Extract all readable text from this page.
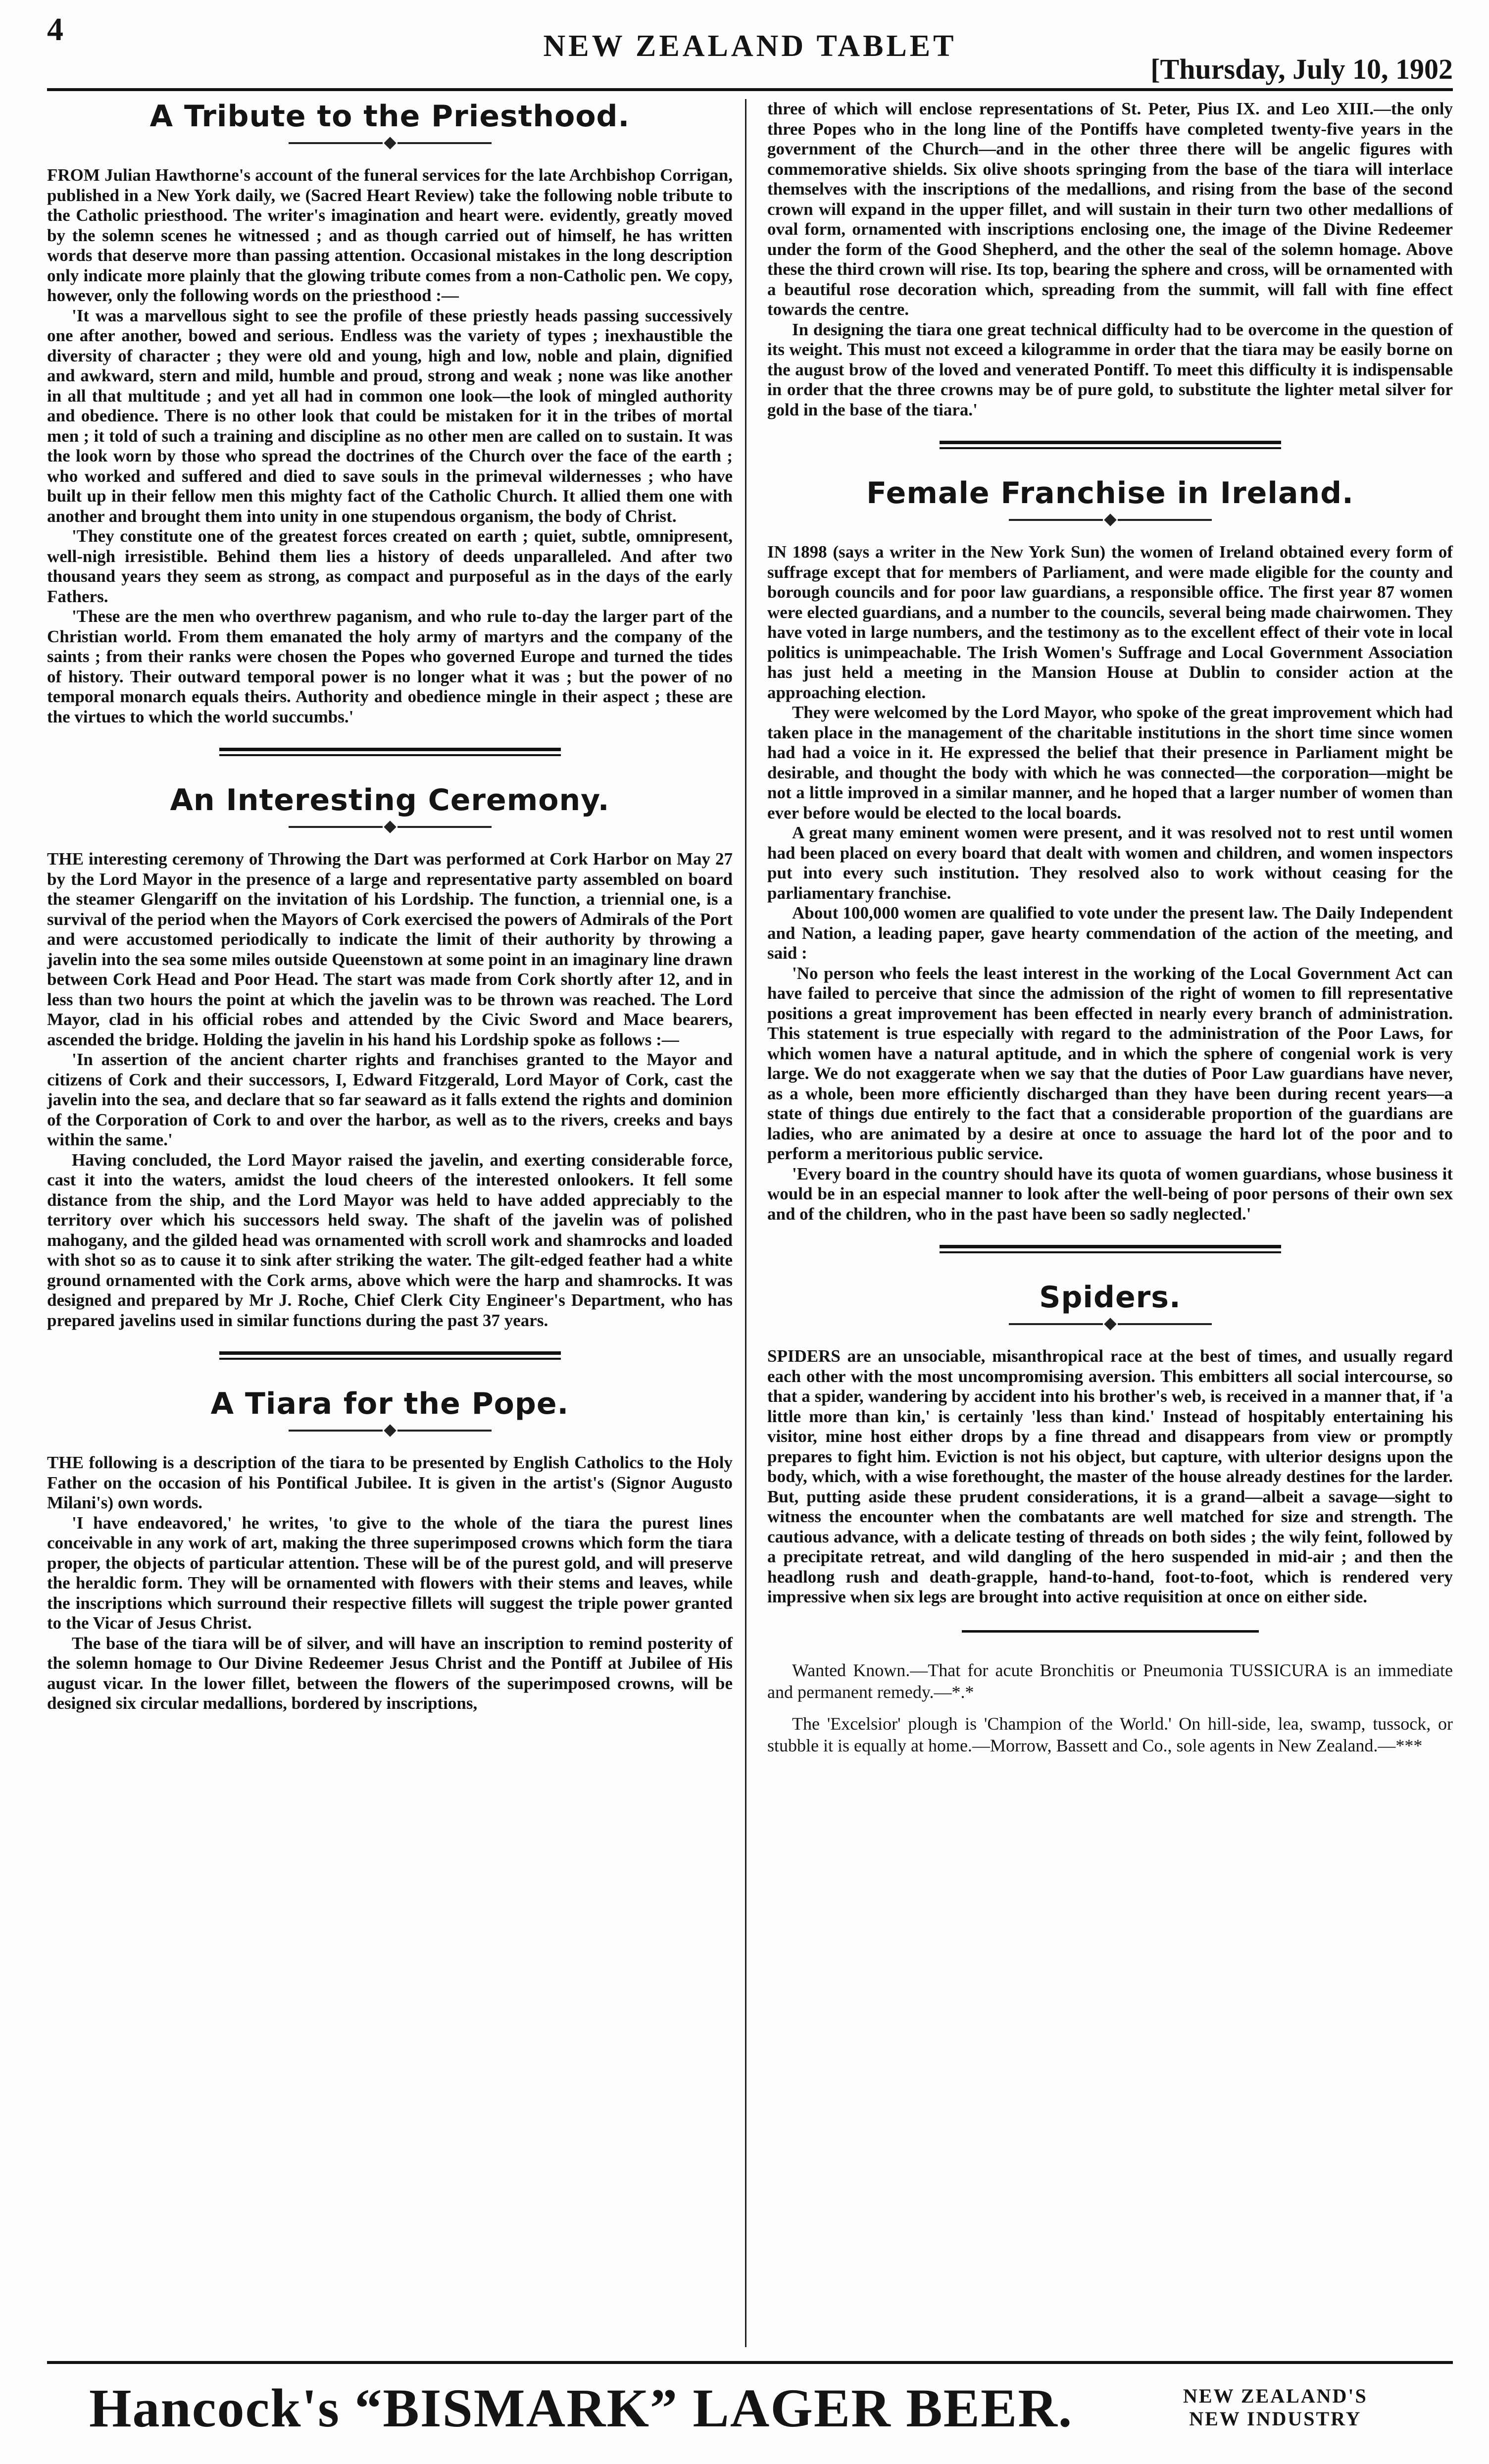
4	NEW ZEALAND TABLET
[Thursday, July 10, 1902
A Tribute to the Priesthood.

FROM Julian Hawthorne's account of the funeral services for the late Archbishop Corrigan, published in a New York daily, we (Sacred Heart Review) take the following noble tribute to the Catholic priesthood. The writer's imagination and heart were. evidently, greatly moved by the solemn scenes he witnessed ; and as though carried out of himself, he has written words that deserve more than passing attention. Occasional mistakes in the long description only indicate more plainly that the glowing tribute comes from a non-Catholic pen. We copy, however, only the following words on the priesthood :—

'It was a marvellous sight to see the profile of these priestly heads passing successively one after another, bowed and serious. Endless was the variety of types ; inexhaustible the diversity of character ; they were old and young, high and low, noble and plain, dignified and awkward, stern and mild, humble and proud, strong and weak ; none was like another in all that multitude ; and yet all had in common one look—the look of mingled authority and obedience. There is no other look that could be mistaken for it in the tribes of mortal men ; it told of such a training and discipline as no other men are called on to sustain. It was the look worn by those who spread the doctrines of the Church over the face of the earth ; who worked and suffered and died to save souls in the primeval wildernesses ; who have built up in their fellow men this mighty fact of the Catholic Church. It allied them one with another and brought them into unity in one stupendous organism, the body of Christ.

'They constitute one of the greatest forces created on earth ; quiet, subtle, omnipresent, well-nigh irresistible. Behind them lies a history of deeds unparalleled. And after two thousand years they seem as strong, as compact and purposeful as in the days of the early Fathers.

'These are the men who overthrew paganism, and who rule to-day the larger part of the Christian world. From them emanated the holy army of martyrs and the company of the saints ; from their ranks were chosen the Popes who governed Europe and turned the tides of history. Their outward temporal power is no longer what it was ; but the power of no temporal monarch equals theirs. Authority and obedience mingle in their aspect ; these are the virtues to which the world succumbs.'

An Interesting Ceremony.

THE interesting ceremony of Throwing the Dart was performed at Cork Harbor on May 27 by the Lord Mayor in the presence of a large and representative party assembled on board the steamer Glengariff on the invitation of his Lordship. The function, a triennial one, is a survival of the period when the Mayors of Cork exercised the powers of Admirals of the Port and were accustomed periodically to indicate the limit of their authority by throwing a javelin into the sea some miles outside Queenstown at some point in an imaginary line drawn between Cork Head and Poor Head. The start was made from Cork shortly after 12, and in less than two hours the point at which the javelin was to be thrown was reached. The Lord Mayor, clad in his official robes and attended by the Civic Sword and Mace bearers, ascended the bridge. Holding the javelin in his hand his Lordship spoke as follows :—

'In assertion of the ancient charter rights and franchises granted to the Mayor and citizens of Cork and their successors, I, Edward Fitzgerald, Lord Mayor of Cork, cast the javelin into the sea, and declare that so far seaward as it falls extend the rights and dominion of the Corporation of Cork to and over the harbor, as well as to the rivers, creeks and bays within the same.'

Having concluded, the Lord Mayor raised the javelin, and exerting considerable force, cast it into the waters, amidst the loud cheers of the interested onlookers. It fell some distance from the ship, and the Lord Mayor was held to have added appreciably to the territory over which his successors held sway. The shaft of the javelin was of polished mahogany, and the gilded head was ornamented with scroll work and shamrocks and loaded with shot so as to cause it to sink after striking the water. The gilt-edged feather had a white ground ornamented with the Cork arms, above which were the harp and shamrocks. It was designed and prepared by Mr J. Roche, Chief Clerk City Engineer's Department, who has prepared javelins used in similar functions during the past 37 years.

A Tiara for the Pope.

THE following is a description of the tiara to be presented by English Catholics to the Holy Father on the occasion of his Pontifical Jubilee. It is given in the artist's (Signor Augusto Milani's) own words.

'I have endeavored,' he writes, 'to give to the whole of the tiara the purest lines conceivable in any work of art, making the three superimposed crowns which form the tiara proper, the objects of particular attention. These will be of the purest gold, and will preserve the heraldic form. They will be ornamented with flowers with their stems and leaves, while the inscriptions which surround their respective fillets will suggest the triple power granted to the Vicar of Jesus Christ.

The base of the tiara will be of silver, and will have an inscription to remind posterity of the solemn homage to Our Divine Redeemer Jesus Christ and the Pontiff at Jubilee of His august vicar. In the lower fillet, between the flowers of the superimposed crowns, will be designed six circular medallions, bordered by inscriptions,

three of which will enclose representations of St. Peter, Pius IX. and Leo XIII.—the only three Popes who in the long line of the Pontiffs have completed twenty-five years in the government of the Church—and in the other three there will be angelic figures with commemorative shields. Six olive shoots springing from the base of the tiara will interlace themselves with the inscriptions of the medallions, and rising from the base of the second crown will expand in the upper fillet, and will sustain in their turn two other medallions of oval form, ornamented with inscriptions enclosing one, the image of the Divine Redeemer under the form of the Good Shepherd, and the other the seal of the solemn homage. Above these the third crown will rise. Its top, bearing the sphere and cross, will be ornamented with a beautiful rose decoration which, spreading from the summit, will fall with fine effect towards the centre.

In designing the tiara one great technical difficulty had to be overcome in the question of its weight. This must not exceed a kilogramme in order that the tiara may be easily borne on the august brow of the loved and venerated Pontiff. To meet this difficulty it is indispensable in order that the three crowns may be of pure gold, to substitute the lighter metal silver for gold in the base of the tiara.'

Female Franchise in Ireland.

IN 1898 (says a writer in the New York Sun) the women of Ireland obtained every form of suffrage except that for members of Parliament, and were made eligible for the county and borough councils and for poor law guardians, a responsible office. The first year 87 women were elected guardians, and a number to the councils, several being made chairwomen. They have voted in large numbers, and the testimony as to the excellent effect of their vote in local politics is unimpeachable. The Irish Women's Suffrage and Local Government Association has just held a meeting in the Mansion House at Dublin to consider action at the approaching election.

They were welcomed by the Lord Mayor, who spoke of the great improvement which had taken place in the management of the charitable institutions in the short time since women had had a voice in it. He expressed the belief that their presence in Parliament might be desirable, and thought the body with which he was connected—the corporation—might be not a little improved in a similar manner, and he hoped that a larger number of women than ever before would be elected to the local boards.

A great many eminent women were present, and it was resolved not to rest until women had been placed on every board that dealt with women and children, and women inspectors put into every such institution. They resolved also to work without ceasing for the parliamentary franchise.

About 100,000 women are qualified to vote under the present law. The Daily Independent and Nation, a leading paper, gave hearty commendation of the action of the meeting, and said :

'No person who feels the least interest in the working of the Local Government Act can have failed to perceive that since the admission of the right of women to fill representative positions a great improvement has been effected in nearly every branch of administration. This statement is true especially with regard to the administration of the Poor Laws, for which women have a natural aptitude, and in which the sphere of congenial work is very large. We do not exaggerate when we say that the duties of Poor Law guardians have never, as a whole, been more efficiently discharged than they have been during recent years—a state of things due entirely to the fact that a considerable proportion of the guardians are ladies, who are animated by a desire at once to assuage the hard lot of the poor and to perform a meritorious public service.

'Every board in the country should have its quota of women guardians, whose business it would be in an especial manner to look after the well-being of poor persons of their own sex and of the children, who in the past have been so sadly neglected.'

Spiders.

SPIDERS are an unsociable, misanthropical race at the best of times, and usually regard each other with the most uncompromising aversion. This embitters all social intercourse, so that a spider, wandering by accident into his brother's web, is received in a manner that, if 'a little more than kin,' is certainly 'less than kind.' Instead of hospitably entertaining his visitor, mine host either drops by a fine thread and disappears from view or promptly prepares to fight him. Eviction is not his object, but capture, with ulterior designs upon the body, which, with a wise forethought, the master of the house already destines for the larder. But, putting aside these prudent considerations, it is a grand—albeit a savage—sight to witness the encounter when the combatants are well matched for size and strength. The cautious advance, with a delicate testing of threads on both sides ; the wily feint, followed by a precipitate retreat, and wild dangling of the hero suspended in mid-air ; and then the headlong rush and death-grapple, hand-to-hand, foot-to-foot, which is rendered very impressive when six legs are brought into active requisition at once on either side.

Wanted Known.—That for acute Bronchitis or Pneumonia TUSSICURA is an immediate and permanent remedy.—*.*

The 'Excelsior' plough is 'Champion of the World.' On hill-side, lea, swamp, tussock, or stubble it is equally at home.—Morrow, Bassett and Co., sole agents in New Zealand.—***

Hancock's “BISMARK” LAGER BEER.	NEW ZEALAND'S
NEW INDUSTRY
